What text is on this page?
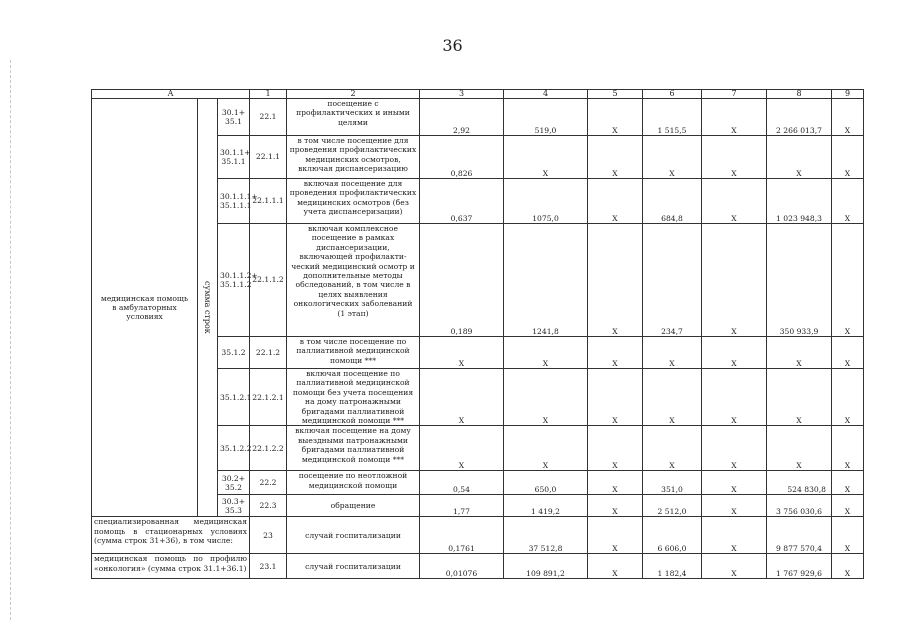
36
А			1	2	3	4	5	6	7	8	9
медицинская помощь в амбулаторных условиях	сумма строк	30.1+ 35.1	22.1	посещение с профилактических и иными целями	2,92	519,0	X	1 515,5	X	2 266 013,7	X
		30.1.1+ 35.1.1	22.1.1	в том числе посещение для проведения профилактических медицинских осмотров, включая диспансеризацию	0,826	X	X	X	X	X	X
		30.1.1.1+ 35.1.1.1	22.1.1.1	включая посещение для проведения профилактических медицинских осмотров (без учета диспансеризации)	0,637	1075,0	X	684,8	X	1 023 948,3	X
		30.1.1.2+ 35.1.1.2	22.1.1.2	включая комплексное посещение в рамках диспансеризации, включающей профилакти-ческий медицинский осмотр и дополнительные методы обследований, в том числе в целях выявления онкологических заболеваний (1 этап)	0,189	1241,8	X	234,7	X	350 933,9	X
		35.1.2	22.1.2	в том числе посещение по паллиативной медицинской помощи ***	X	X	X	X	X	X	X
		35.1.2.1	22.1.2.1	включая посещение по паллиативной медицинской помощи без учета посещения на дому патронажными бригадами паллиативной медицинской помощи ***	X	X	X	X	X	X	X
		35.1.2.2	22.1.2.2	включая посещение на дому выездными патронажными бригадами паллиативной медицинской помощи ***	X	X	X	X	X	X	X
		30.2+ 35.2	22.2	посещение по неотложной медицинской помощи	0,54	650,0	X	351,0	X	524 830,8	X
		30.3+ 35.3	22.3	обращение	1,77	1 419,2	X	2 512,0	X	3 756 030,6	X
специализированная медицинская помощь в стационарных условиях (сумма строк 31+36), в том числе:			23	случай госпитализации	0,1761	37 512,8	X	6 606,0	X	9 877 570,4	X
медицинская помощь по профилю «онкология» (сумма строк 31.1+36.1)			23.1	случай госпитализации	0,01076	109 891,2	X	1 182,4	X	1 767 929,6	X
